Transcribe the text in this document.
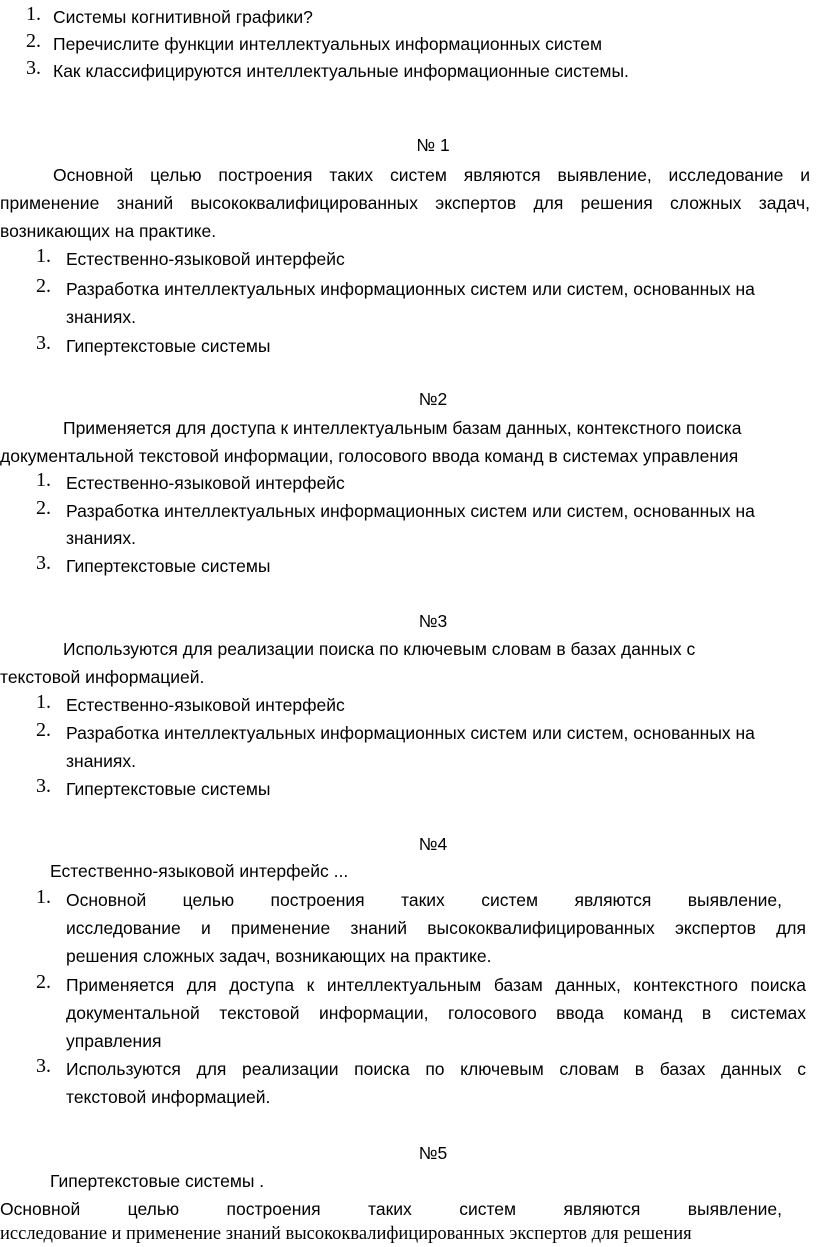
1. Системы когнитивной графики?
2. Перечислите функции интеллектуальных информационных систем
3. Как классифицируются интеллектуальные информационные системы.
№ 1
Основной целью построения таких систем являются выявление, исследование и
применение знаний высококвалифицированных экспертов для решения сложных задач,
возникающих на практике.
1. Естественно-языковой интерфейс
2. Разработка интеллектуальных информационных систем или систем, основанных на
знаниях.
3. Гипертекстовые системы
№2
Применяется для доступа к интеллектуальным базам данных, контекстного поиска
документальной текстовой информации, голосового ввода команд в системах управления
1. Естественно-языковой интерфейс
2. Разработка интеллектуальных информационных систем или систем, основанных на
знаниях.
3. Гипертекстовые системы
№3
Используются для реализации поиска по ключевым словам в базах данных с
текстовой информацией.
1. Естественно-языковой интерфейс
2. Разработка интеллектуальных информационных систем или систем, основанных на
знаниях.
3. Гипертекстовые системы
№4
Естественно-языковой интерфейс ...
1. Основной целью построения таких систем являются выявление,
исследование и применение знаний высококвалифицированных экспертов для
решения сложных задач, возникающих на практике.
2. Применяется для доступа к интеллектуальным базам данных, контекстного поиска
документальной текстовой информации, голосового ввода команд в системах
управления
3. Используются для реализации поиска по ключевым словам в базах данных с
текстовой информацией.
№5
Гипертекстовые системы .
Основной целью построения таких систем являются выявление,
исследование и применение знаний высококвалифицированных экспертов для решения
